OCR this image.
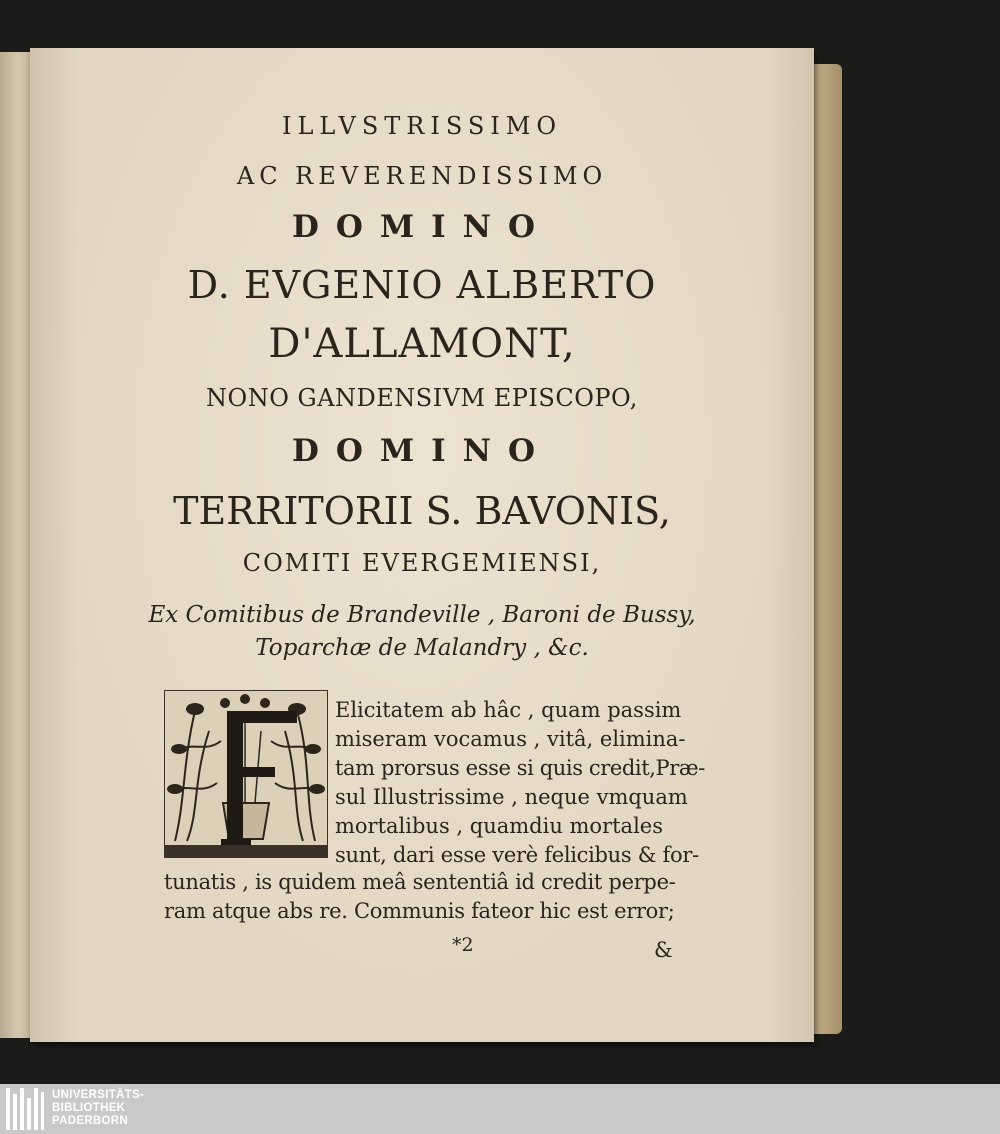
ILLVSTRISSIMO
AC REVERENDISSIMO
DOMINO
D. EVGENIO ALBERTO
D'ALLAMONT,
NONO GANDENSIVM EPISCOPO,
DOMINO
TERRITORII S. BAVONIS,
COMITI EVERGEMIENSI,
Ex Comitibus de Brandeville , Baroni de Bussy,
Toparchæ de Malandry , &c.
F
Elicitatem ab hâc , quam passim
miseram vocamus , vitâ, elimina-
tam prorsus esse si quis credit,Præ-
sul Illustrissime , neque vmquam
mortalibus , quamdiu mortales
sunt, dari esse verè felicibus & for-
tunatis , is quidem meâ sententiâ id credit perpe-
ram atque abs re. Communis fateor hic est error;
*2	&
UNIVERSITÄTS-
BIBLIOTHEK
PADERBORN
